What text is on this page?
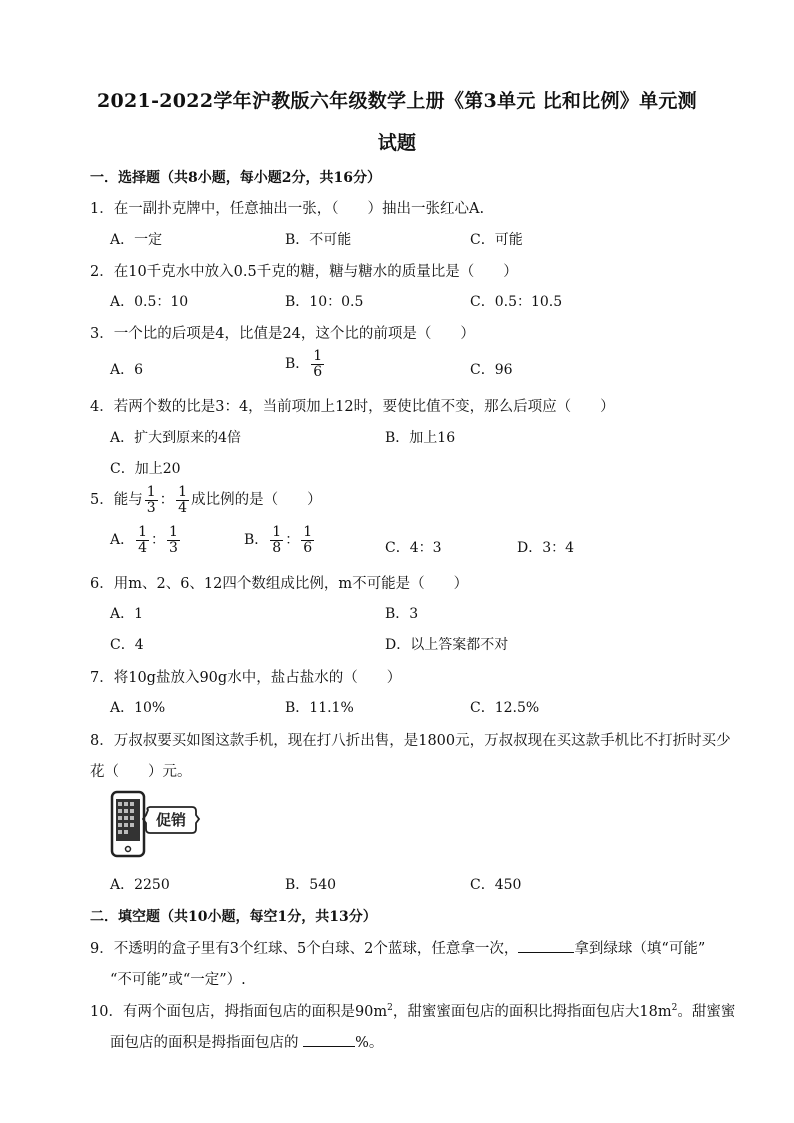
2021-2022学年沪教版六年级数学上册《第3单元 比和比例》单元测
试题
一．选择题（共8小题，每小题2分，共16分）
1．在一副扑克牌中，任意抽出一张，（　　）抽出一张红心A.
A．一定	B．不可能	C．可能
2．在10千克水中放入0.5千克的糖，糖与糖水的质量比是（　　）
A．0.5：10	B．10：0.5	C．0.5：10.5
3．一个比的后项是4，比值是24，这个比的前项是（　　）
A．6	B． $\frac{1}{6}$	C．96
4．若两个数的比是3：4，当前项加上12时，要使比值不变，那么后项应（　　）
A．扩大到原来的4倍	B．加上16
C．加上20
5．能与 $\frac{1}{3}$ ： $\frac{1}{4}$ 成比例的是（　　）
A． $\frac{1}{4}$ ： $\frac{1}{3}$	B． $\frac{1}{8}$ ： $\frac{1}{6}$	C．4：3	D．3：4
6．用m、2、6、12四个数组成比例，m不可能是（　　）
A．1	B．3
C．4	D．以上答案都不对
7．将10g盐放入90g水中，盐占盐水的（　　）
A．10%	B．11.1%	C．12.5%
8．万叔叔要买如图这款手机，现在打八折出售，是1800元，万叔叔现在买这款手机比不打折时买少
花（　　）元。
促销
A．2250	B．540	C．450
二．填空题（共10小题，每空1分，共13分）
9．不透明的盒子里有3个红球、5个白球、2个蓝球，任意拿一次，	拿到绿球（填“可能”
“不可能”或“一定”）.
10．有两个面包店，拇指面包店的面积是$90m^2$，甜蜜蜜面包店的面积比拇指面包店大$18m^2$。甜蜜蜜
面包店的面积是拇指面包店的	%。
